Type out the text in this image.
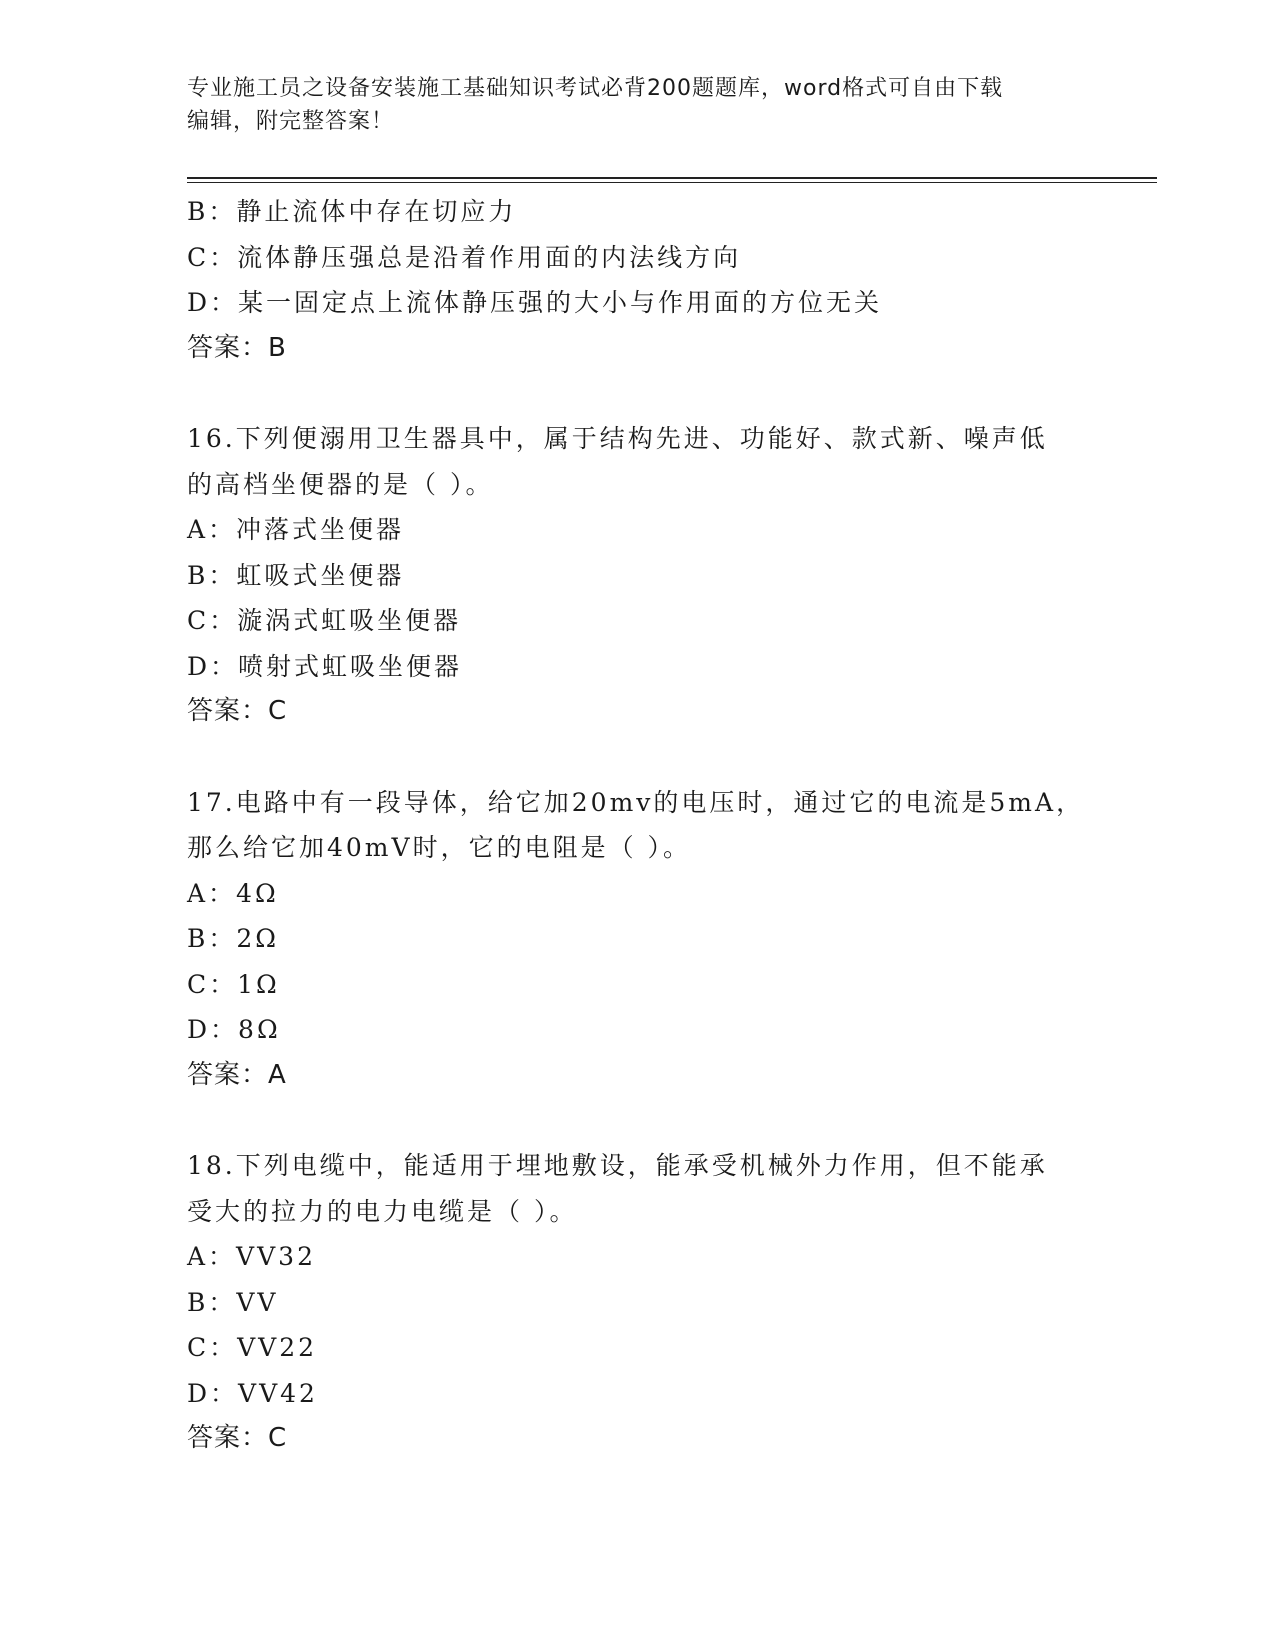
专业施工员之设备安装施工基础知识考试必背200题题库，word格式可自由下载
编辑，附完整答案！
B：静止流体中存在切应力
C：流体静压强总是沿着作用面的内法线方向
D：某一固定点上流体静压强的大小与作用面的方位无关
答案：B
16.下列便溺用卫生器具中，属于结构先进、功能好、款式新、噪声低
的高档坐便器的是（ ）。
A：冲落式坐便器
B：虹吸式坐便器
C：漩涡式虹吸坐便器
D：喷射式虹吸坐便器
答案：C
17.电路中有一段导体，给它加20mv的电压时，通过它的电流是5mA，
那么给它加40mV时，它的电阻是（ ）。
A：4Ω
B：2Ω
C：1Ω
D：8Ω
答案：A
18.下列电缆中，能适用于埋地敷设，能承受机械外力作用，但不能承
受大的拉力的电力电缆是（ ）。
A：VV32
B：VV
C：VV22
D：VV42
答案：C
